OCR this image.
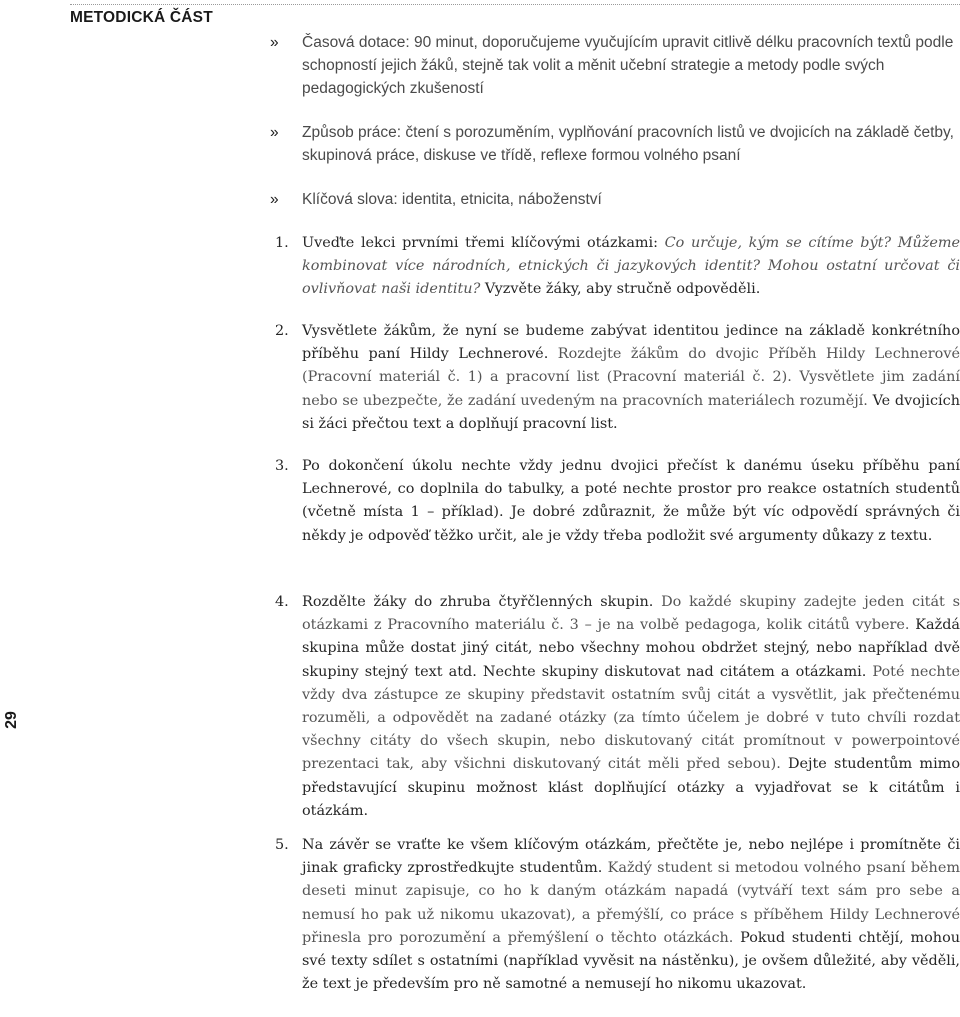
METODICKÁ ČÁST
29
» Časová dotace: 90 minut, doporučujeme vyučujícím upravit citlivě délku pracovních textů podle schopností jejich žáků, stejně tak volit a měnit učební strategie a metody podle svých pedagogických zkušeností
» Způsob práce: čtení s porozuměním, vyplňování pracovních listů ve dvojicích na základě četby, skupinová práce, diskuse ve třídě, reflexe formou volného psaní
» Klíčová slova: identita, etnicita, náboženství
1. Uveďte lekci prvními třemi klíčovými otázkami: Co určuje, kým se cítíme být? Můžeme kombinovat více národních, etnických či jazykových identit? Mohou ostatní určovat či ovlivňovat naši identitu? Vyzvěte žáky, aby stručně odpověděli.
2. Vysvětlete žákům, že nyní se budeme zabývat identitou jedince na základě konkrétního příběhu paní Hildy Lechnerové. Rozdejte žákům do dvojic Příběh Hildy Lechnerové (Pracovní materiál č. 1) a pracovní list (Pracovní materiál č. 2). Vysvětlete jim zadání nebo se ubezpečte, že zadání uvedeným na pracovních materiálech rozumějí. Ve dvojicích si žáci přečtou text a doplňují pracovní list.
3. Po dokončení úkolu nechte vždy jednu dvojici přečíst k danému úseku příběhu paní Lechnerové, co doplnila do tabulky, a poté nechte prostor pro reakce ostatních studentů (včetně místa 1 – příklad). Je dobré zdůraznit, že může být víc odpovědí správných či někdy je odpověď těžko určit, ale je vždy třeba podložit své argumenty důkazy z textu.
4. Rozdělte žáky do zhruba čtyřčlenných skupin. Do každé skupiny zadejte jeden citát s otázkami z Pracovního materiálu č. 3 – je na volbě pedagoga, kolik citátů vybere. Každá skupina může dostat jiný citát, nebo všechny mohou obdržet stejný, nebo například dvě skupiny stejný text atd. Nechte skupiny diskutovat nad citátem a otázkami. Poté nechte vždy dva zástupce ze skupiny představit ostatním svůj citát a vysvětlit, jak přečtenému rozuměli, a odpovědět na zadané otázky (za tímto účelem je dobré v tuto chvíli rozdat všechny citáty do všech skupin, nebo diskutovaný citát promítnout v powerpointové prezentaci tak, aby všichni diskutovaný citát měli před sebou). Dejte studentům mimo představující skupinu možnost klást doplňující otázky a vyjadřovat se k citátům i otázkám.
5. Na závěr se vraťte ke všem klíčovým otázkám, přečtěte je, nebo nejlépe i promítněte či jinak graficky zprostředkujte studentům. Každý student si metodou volného psaní během deseti minut zapisuje, co ho k daným otázkám napadá (vytváří text sám pro sebe a nemusí ho pak už nikomu ukazovat), a přemýšlí, co práce s příběhem Hildy Lechnerové přinesla pro porozumění a přemýšlení o těchto otázkách. Pokud studenti chtějí, mohou své texty sdílet s ostatními (například vyvěsit na nástěnku), je ovšem důležité, aby věděli, že text je především pro ně samotné a nemusejí ho nikomu ukazovat.
